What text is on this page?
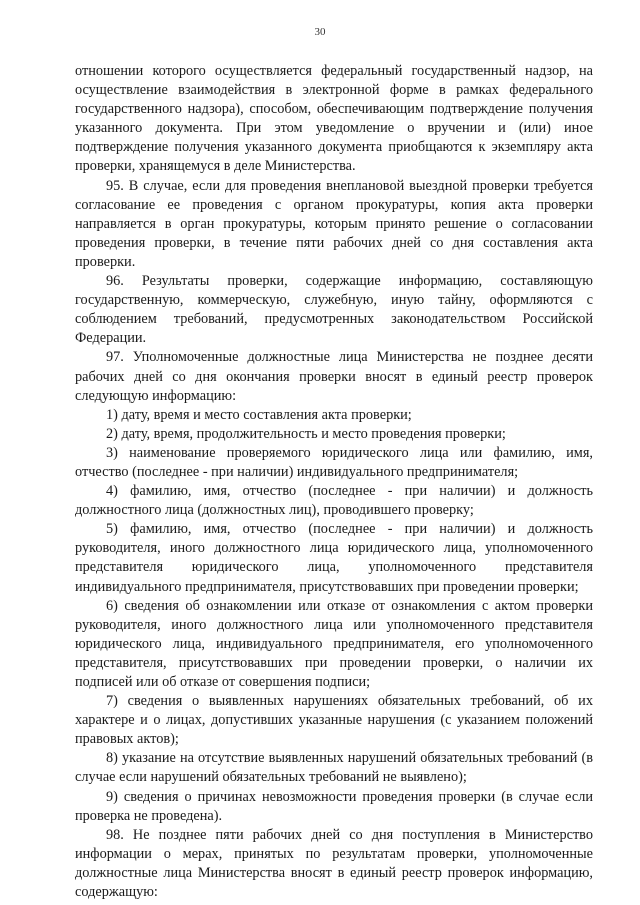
30

отношении которого осуществляется федеральный государственный надзор, на осуществление взаимодействия в электронной форме в рамках федерального государственного надзора), способом, обеспечивающим подтверждение получения указанного документа. При этом уведомление о вручении и (или) иное подтверждение получения указанного документа приобщаются к экземпляру акта проверки, хранящемуся в деле Министерства.

95. В случае, если для проведения внеплановой выездной проверки требуется согласование ее проведения с органом прокуратуры, копия акта проверки направляется в орган прокуратуры, которым принято решение о согласовании проведения проверки, в течение пяти рабочих дней со дня составления акта проверки.

96. Результаты проверки, содержащие информацию, составляющую государственную, коммерческую, служебную, иную тайну, оформляются с соблюдением требований, предусмотренных законодательством Российской Федерации.

97. Уполномоченные должностные лица Министерства не позднее десяти рабочих дней со дня окончания проверки вносят в единый реестр проверок следующую информацию:

1) дату, время и место составления акта проверки;

2) дату, время, продолжительность и место проведения проверки;

3) наименование проверяемого юридического лица или фамилию, имя, отчество (последнее - при наличии) индивидуального предпринимателя;

4) фамилию, имя, отчество (последнее - при наличии) и должность должностного лица (должностных лиц), проводившего проверку;

5) фамилию, имя, отчество (последнее - при наличии) и должность руководителя, иного должностного лица юридического лица, уполномоченного представителя юридического лица, уполномоченного представителя индивидуального предпринимателя, присутствовавших при проведении проверки;

6) сведения об ознакомлении или отказе от ознакомления с актом проверки руководителя, иного должностного лица или уполномоченного представителя юридического лица, индивидуального предпринимателя, его уполномоченного представителя, присутствовавших при проведении проверки, о наличии их подписей или об отказе от совершения подписи;

7) сведения о выявленных нарушениях обязательных требований, об их характере и о лицах, допустивших указанные нарушения (с указанием положений правовых актов);

8) указание на отсутствие выявленных нарушений обязательных требований (в случае если нарушений обязательных требований не выявлено);

9) сведения о причинах невозможности проведения проверки (в случае если проверка не проведена).

98. Не позднее пяти рабочих дней со дня поступления в Министерство информации о мерах, принятых по результатам проверки, уполномоченные должностные лица Министерства вносят в единый реестр проверок информацию, содержащую:
